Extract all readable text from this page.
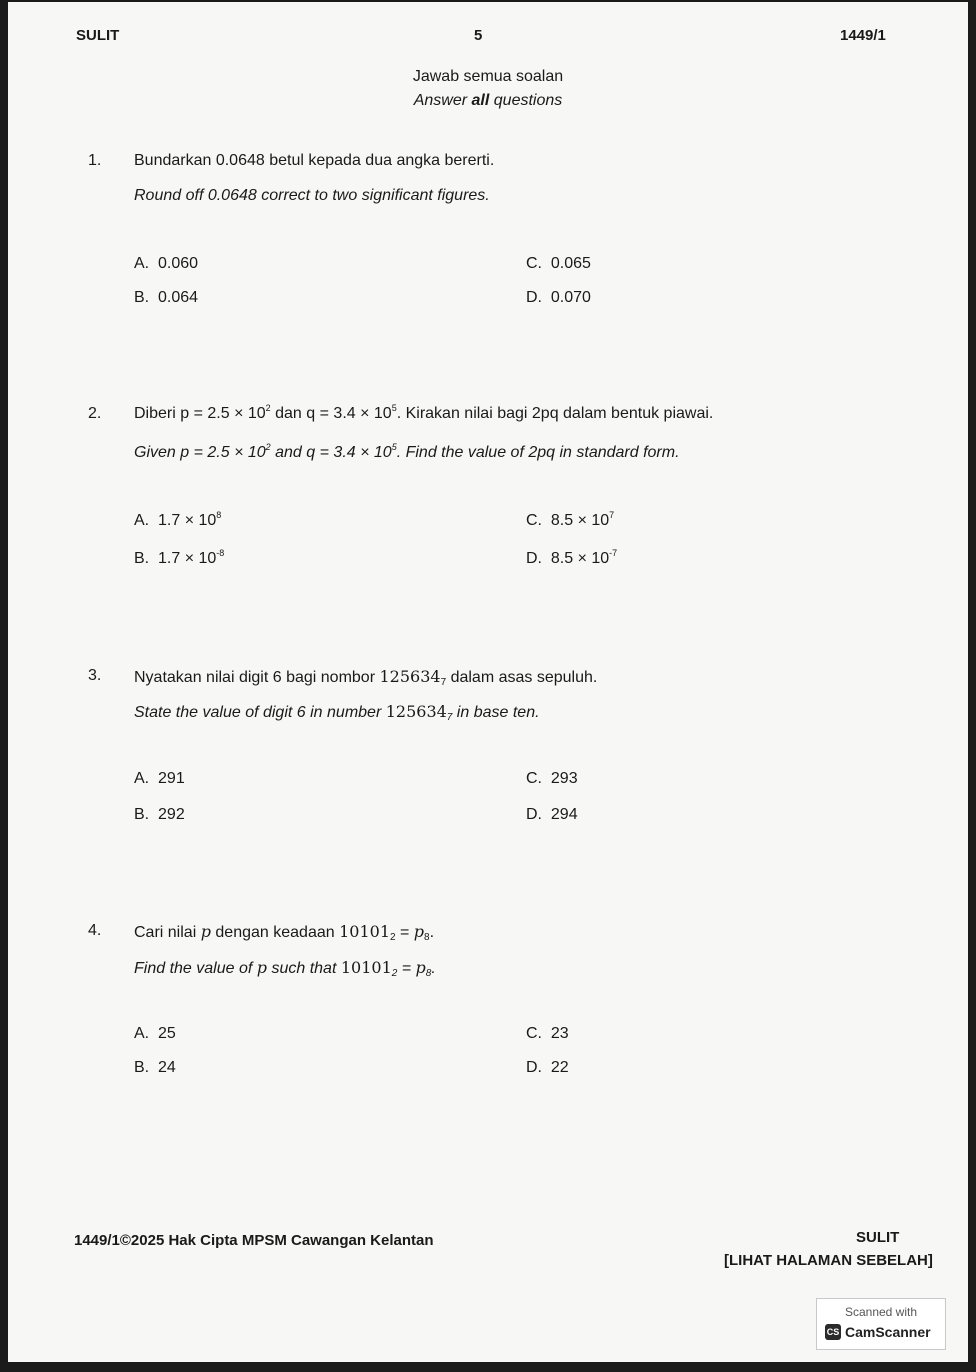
SULIT	5	1449/1
Jawab semua soalan
Answer all questions
1. Bundarkan 0.0648 betul kepada dua angka bererti.
Round off 0.0648 correct to two significant figures.
A.  0.060
B.  0.064
C.  0.065
D.  0.070
2. Diberi $p = 2.5 \times 10^2$ dan $q = 3.4 \times 10^5$. Kirakan nilai bagi 2pq dalam bentuk piawai.
Given $p = 2.5 \times 10^2$ and $q = 3.4 \times 10^5$. Find the value of 2pq in standard form.
A.  $1.7 \times 10^8$
B.  $1.7 \times 10^{-8}$
C.  $8.5 \times 10^7$
D.  $8.5 \times 10^{-7}$
3. Nyatakan nilai digit 6 bagi nombor $125634_7$ dalam asas sepuluh.
State the value of digit 6 in number $125634_7$ in base ten.
A.  291
B.  292
C.  293
D.  294
4. Cari nilai p dengan keadaan $10101_2 = p_8$.
Find the value of p such that $10101_2 = p_8$.
A.  25
B.  24
C.  23
D.  22
1449/1©2025 Hak Cipta MPSM Cawangan Kelantan	SULIT
[LIHAT HALAMAN SEBELAH]
Scanned with
CS CamScanner
